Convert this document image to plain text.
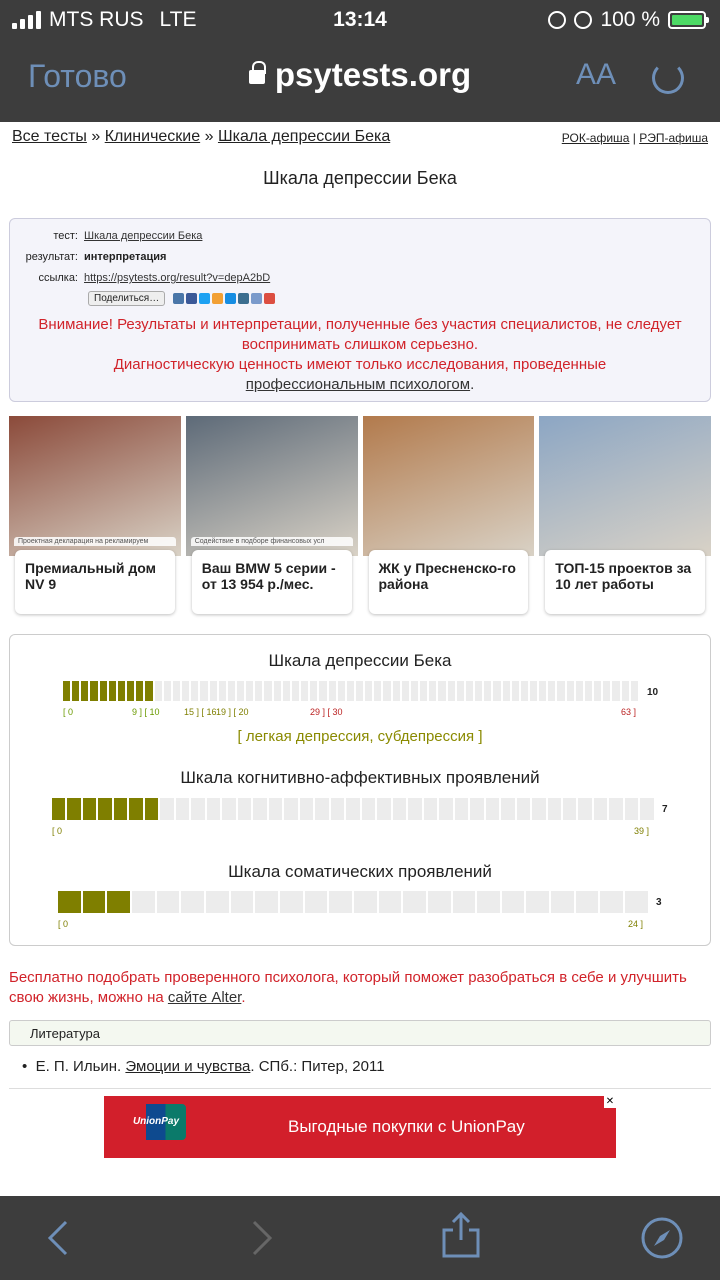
MTS RUS LTE	13:14	100 %
Готово	psytests.org	AA
Все тесты » Клинические » Шкала депрессии Бека	РОК-афиша | РЭП-афиша
Шкала депрессии Бека
тест: Шкала депрессии Бека
результат: интерпретация
ссылка: https://psytests.org/result?v=depA2bD
Поделиться…
Внимание! Результаты и интерпретации, полученные без участия специалистов, не следует воспринимать слишком серьезно.
Диагностическую ценность имеют только исследования, проведенные
профессиональным психологом.
Проектная декларация на рекламируем
Премиальный дом NV 9
Содействие в подборе финансовых усл
Ваш BMW 5 серии - от 13 954 р./мес.
ЖК у Пресненско-го района
ТОП-15 проектов за 10 лет работы
Шкала депрессии Бека
10
[ 0	9 ] [ 10	15 ] [ 16 19 ] [ 20	29 ] [ 30	63 ]
[ легкая депрессия, субдепрессия ]
Шкала когнитивно-аффективных проявлений
7
[ 0	39 ]
Шкала соматических проявлений
3
[ 0	24 ]
Бесплатно подобрать проверенного психолога, который поможет разобраться в себе и улучшить свою жизнь, можно на сайте Alter.
Литература
•  Е. П. Ильин. Эмоции и чувства. СПб.: Питер, 2011
UnionPay	Выгодные покупки с UnionPay
✕
